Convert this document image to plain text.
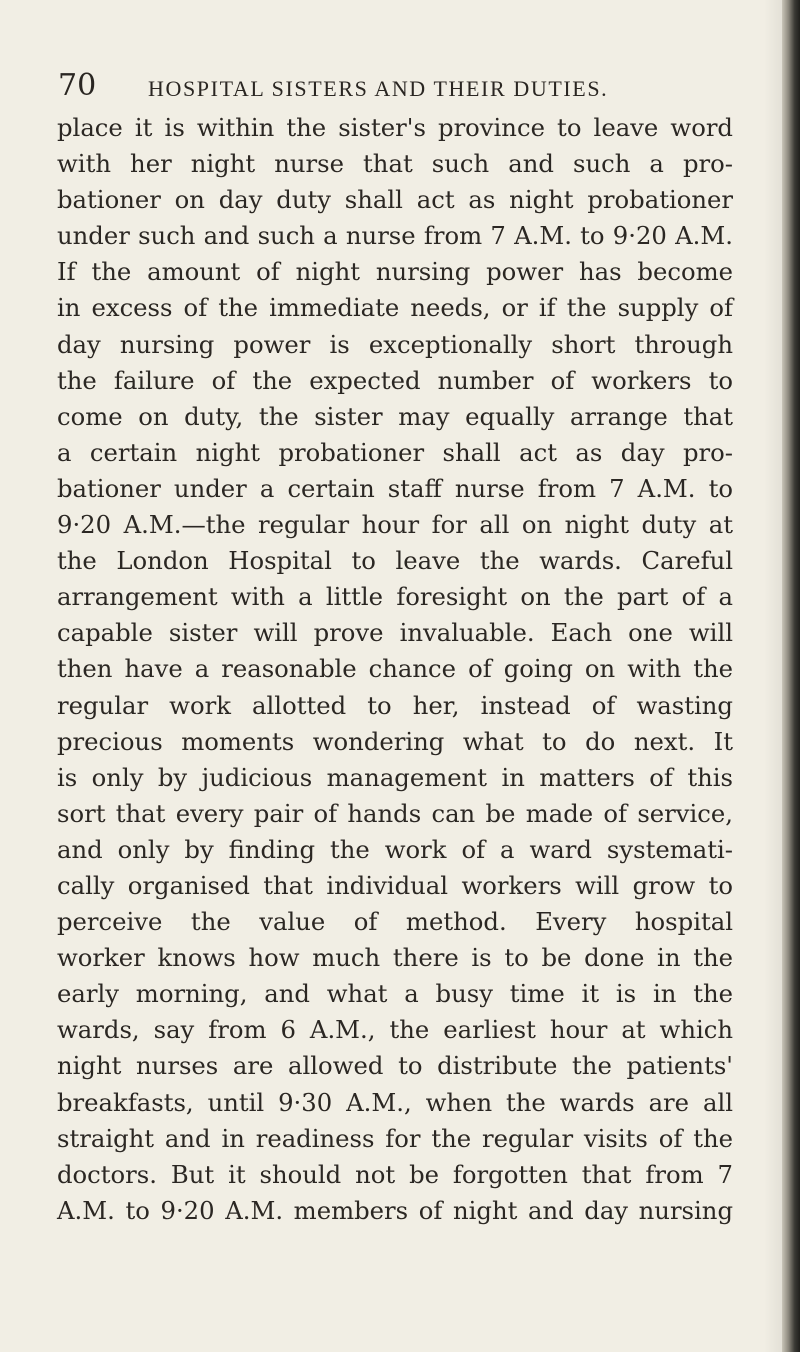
70 HOSPITAL SISTERS AND THEIR DUTIES.
place it is within the sister's province to leave word
with her night nurse that such and such a pro-
bationer on day duty shall act as night probationer
under such and such a nurse from 7 A.M. to 9·20 A.M.
If the amount of night nursing power has become
in excess of the immediate needs, or if the supply of
day nursing power is exceptionally short through
the failure of the expected number of workers to
come on duty, the sister may equally arrange that
a certain night probationer shall act as day pro-
bationer under a certain staff nurse from 7 A.M. to
9·20 A.M.—the regular hour for all on night duty at
the London Hospital to leave the wards. Careful
arrangement with a little foresight on the part of a
capable sister will prove invaluable. Each one will
then have a reasonable chance of going on with the
regular work allotted to her, instead of wasting
precious moments wondering what to do next. It
is only by judicious management in matters of this
sort that every pair of hands can be made of service,
and only by finding the work of a ward systemati-
cally organised that individual workers will grow to
perceive the value of method. Every hospital
worker knows how much there is to be done in the
early morning, and what a busy time it is in the
wards, say from 6 A.M., the earliest hour at which
night nurses are allowed to distribute the patients'
breakfasts, until 9·30 A.M., when the wards are all
straight and in readiness for the regular visits of the
doctors. But it should not be forgotten that from 7
A.M. to 9·20 A.M. members of night and day nursing
